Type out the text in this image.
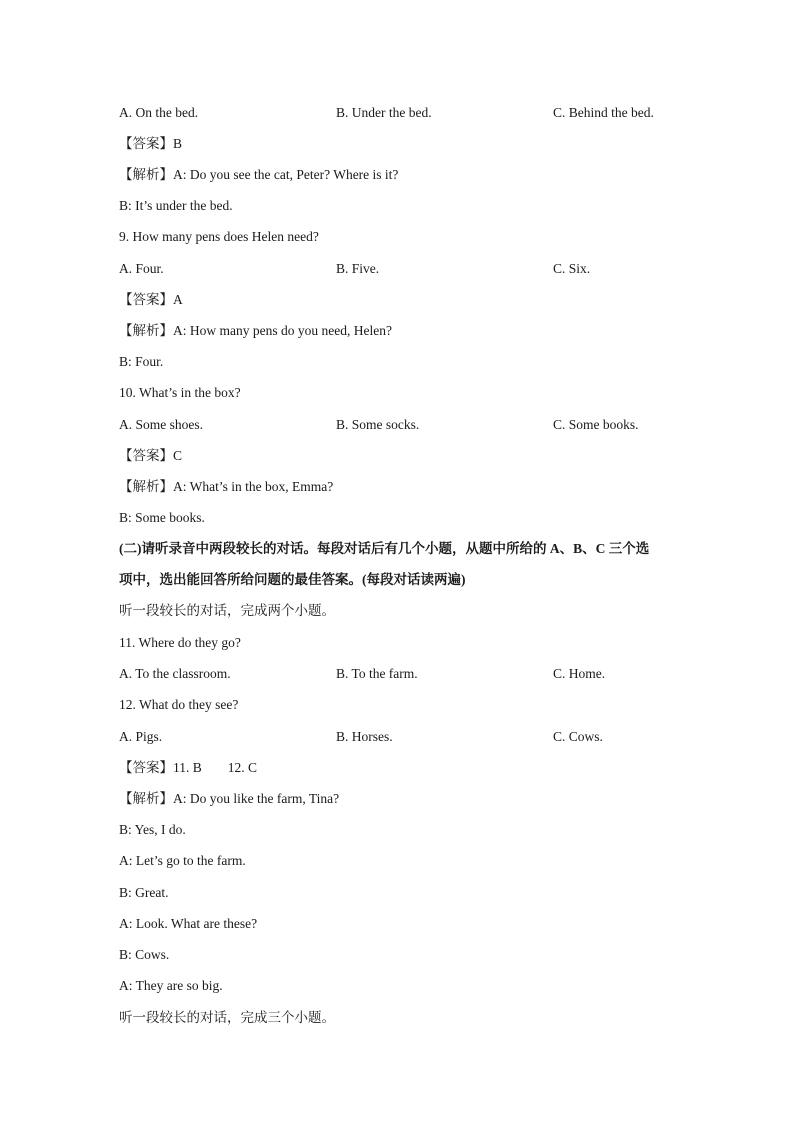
A. On the bed.	B. Under the bed.	C. Behind the bed.
【答案】B
【解析】A: Do you see the cat, Peter? Where is it?
B: It’s under the bed.
9. How many pens does Helen need?
A. Four.	B. Five.	C. Six.
【答案】A
【解析】A: How many pens do you need, Helen?
B: Four.
10. What’s in the box?
A. Some shoes.	B. Some socks.	C. Some books.
【答案】C
【解析】A: What’s in the box, Emma?
B: Some books.
(二)请听录音中两段较长的对话。每段对话后有几个小题，从题中所给的 A、B、C 三个选
项中，选出能回答所给问题的最佳答案。(每段对话读两遍)
听一段较长的对话，完成两个小题。
11. Where do they go?
A. To the classroom.	B. To the farm.	C. Home.
12. What do they see?
A. Pigs.	B. Horses.	C. Cows.
【答案】11. B 12. C
【解析】A: Do you like the farm, Tina?
B: Yes, I do.
A: Let’s go to the farm.
B: Great.
A: Look. What are these?
B: Cows.
A: They are so big.
听一段较长的对话，完成三个小题。
